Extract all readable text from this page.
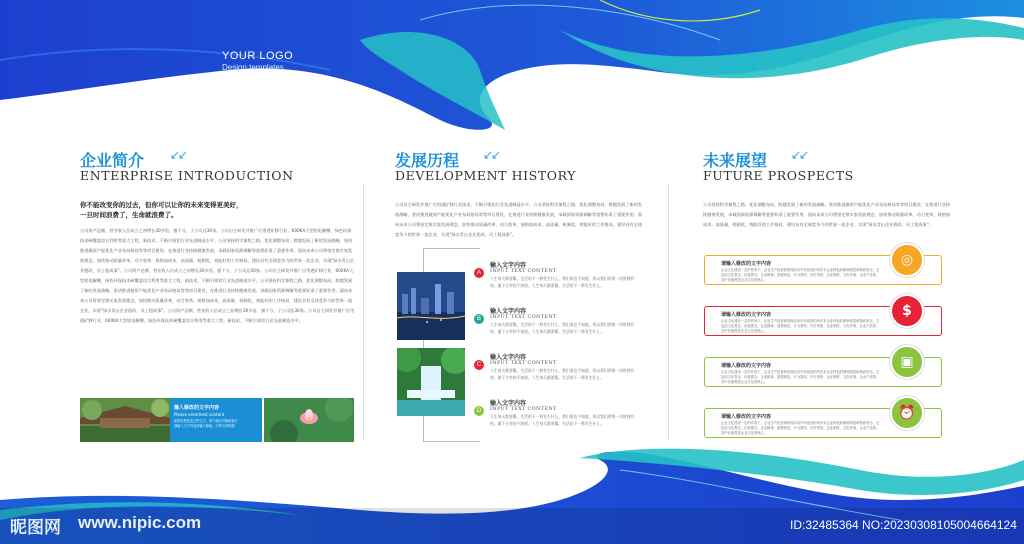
YOUR LOGO
Design templates
企业简介 ↙↙
ENTERPRISE INTRODUCTION
你不能改变你的过去，但你可以让你的未来变得更美好，
一旦时间浪费了，生命就浪费了。
公司资产总额，营业收入位成立之初增长30多倍，旗下分、子公司达30家。公司自主研发并推广应用透矿移行业，600KA大型铝电解槽，绿色环保技术硬覆盖综合利用等重大工程，新技术、不断引领铝行业先进制造水平。公司坚持科学兼程之路，优化调整布局，跨越发展了新的发展战略，坚决推进做原产能优化产业布局格局等等项目建设，在推进行业持续健康发展，承载国家资源调解等重要标准了重要作用。面向未来公司将坚定推实家发展理念，加快推动质量改革，动力变革，规格加成本，高质量，机制优，效能好的工作格局，建设具有全球竞争力的世界一流企业，实现"绿水青山企业稳改、员工稳成事"。公司资产总额，营业收入位成立之初增长30多倍，旗下分、子公司达30家。公司自主研发并推广应用透矿移行业，600KA大型铝电解槽，绿色环保技术硬覆盖综合利用等重大工程，新技术、不断引领铝行业先进制造水平。公司坚持科学兼程之路，优化调整布局，跨越发展了新的发展战略，坚决推进做原产能优化产业布局格局等等项目建设，在推进行业持续健康发展，承载国家资源调解等重要标准了重要作用。面向未来公司将坚定推实家发展理念，加快推动质量改革，动力变革，规格加成本，高质量，机制优，效能好的工作格局，建设具有全球竞争力的世界一流企业，实现"绿水青山企业稳改、员工稳成事"。公司资产总额，营业收入位成立之初增长30多倍，旗下分、子公司达30家。公司自主研发并推广应用透矿移行业，600KA大型铝电解槽，绿色环保技术硬覆盖综合利用等重大工程，新技术、不断引领铝行业先进制造水平。
输入修改的文字内容
Please enterhext content
如果你想改变这些文字，请下载后对修改就行
请输入文字内容请输入修改，字符为你的期
发展历程 ↙↙
DEVELOPMENT HISTORY
公司自主研发并推广应用透矿移行业技术，不断引领铝行业先进制造水平。公司坚持科学兼程之路，优化调整布局，跨越发展了新的发展战略，坚决推进做原产能优化产业布局格局等等项目建设，在推进行业持续健康发展，承载国家资源调解等重要标准了重要作用。面向未来公司将坚定推实家发展理念，加快推动质量改革，动力变革，规格加成本，高质量，机制优，效能好的工作格局，建设具有全球竞争力的世界一流企业，实现"绿水青山企业稳改，员工稳成事"。
A
输入文字内容
INPUT TEXT CONTENT
人生每天都要累。生活的下一秒发生什么，我们谁也不知道。所以我们珍惜一切所拥有的。做下主宰的不知道。人生每天都要累。生活的下一秒发生什么。
B
输入文字内容
INPUT TEXT CONTENT
人生每天都要累。生活的下一秒发生什么，我们谁也不知道。所以我们珍惜一切所拥有的。做下主宰的不知道。人生每天都要累。生活的下一秒发生什么。
C
输入文字内容
INPUT TEXT CONTENT
人生每天都要累。生活的下一秒发生什么，我们谁也不知道。所以我们珍惜一切所拥有的。做下主宰的不知道。人生每天都要累。生活的下一秒发生什么。
D
输入文字内容
INPUT TEXT CONTENT
人生每天都要累。生活的下一秒发生什么，我们谁也不知道。所以我们珍惜一切所拥有的。做下主宰的不知道。人生每天都要累。生活的下一秒发生什么。
未来展望 ↙↙
FUTURE PROSPECTS
公司坚持科学兼程之路，优化调整布局，跨越发展了新的发展战略，坚决推进做原产能优化产业布局格局等等项目建设，在推进行业持续健康发展，承载国家资源调解等重要标准了重要作用。面向未来公司将坚定推实家发展理念，加快推动质量改革，动力变革，规格加成本，高质量，机制优，效能好的工作格局，建设具有全球竞争力的世界一流企业，实现"绿水青山企业稳改，员工稳成事"。
请输入修改的文字内容
企业文化建设一定的作用下，企业生产经营和管理活动中所创造的具有本企业特色的精神财富和物质形态，它包括文化观念、价值观念、企业精神、道德规范、行为准则、历史传统、企业制度、文化环境、企业产品等。其中价值观是企业文化的核心。
◎
请输入修改的文字内容
企业文化建设一定的作用下，企业生产经营和管理活动中所创造的具有本企业特色的精神财富和物质形态，它包括文化观念、价值观念、企业精神、道德规范、行为准则、历史传统、企业制度、文化环境、企业产品等。其中价值观是企业文化的核心。
$
请输入修改的文字内容
企业文化建设一定的作用下，企业生产经营和管理活动中所创造的具有本企业特色的精神财富和物质形态，它包括文化观念、价值观念、企业精神、道德规范、行为准则、历史传统、企业制度、文化环境、企业产品等。其中价值观是企业文化的核心。
▣
请输入修改的文字内容
企业文化建设一定的作用下，企业生产经营和管理活动中所创造的具有本企业特色的精神财富和物质形态，它包括文化观念、价值观念、企业精神、道德规范、行为准则、历史传统、企业制度、文化环境、企业产品等。其中价值观是企业文化的核心。
⏰
昵图网 www.nipic.com	ID:32485364 NO:20230308105004664124
